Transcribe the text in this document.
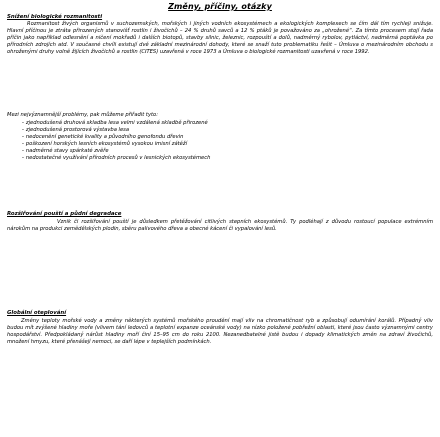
Změny, příčiny, otázky
Snížení biologické rozmanitosti
Rozmanitost živých organismů v suchozemských, mořských i jiných vodních ekosystémech a ekologických komplexech se čím dál tím rychleji snižuje. Hlavní příčinou je ztráta přirozených stanovišť rostlin i živočichů – 24 % druhů savců a 12 % ptáků je považováno za „ohrožené“. Za tímto procesem stojí řada příčin jako například odlesnění a ničení mokřadů i dalších biotopů, stavby silnic, železnic, rozpouští a dolů, nadměrný rybolov, pytláctví, nadměrná poptávka po přírodních zdrojích atd. V současné chvíli existují dvě základní mezinárodní dohody, které se snaží tuto problematiku řešit – Úmluva o mezinárodním obchodu s ohroženými druhy volně žijících živočichů a rostlin (CITES) uzavřená v roce 1973 a Úmluva o biologické rozmanitosti uzavřená v roce 1992.
Mezi nejvýznamnější problémy, pak můžeme přiřadit tyto:
- zjednodušená druhová skladba lesa velmi vzdálená skladbě přirozené
- zjednodušená prostorová výstavba lesa
- nedocenění genetické kvality a původního genofondu dřevin
- poškození horských lesních ekosystémů vysokou imisní zátěží
- nadměrné stavy spárkaté zvěře
- nedostatečné využívání přírodních procesů v lesnických ekosystémech
Rozšiřování pouští a půdní degradace
Vznik či rozšiřování pouští je důsledkem přetěžování citlivých stepních ekosystémů. Ty podléhají z důvodu rostoucí populace extrémním nárokům na produkci zemědělských plodin, sběru palivového dřeva a obecné kácení či vypalování lesů.
Globální oteplování
Změny teploty mořské vody a změny některých systémů mořského proudění mají vliv na chromatičnost ryb a způsobují odumírání korálů. Případný vliv budou mít zvýšené hladiny moře (vlivem tání ledovců a teplotní expanze oceánské vody) na nízko položené pobřežní oblasti, které jsou často významnými centry hospodářství. Předpokládaný nárůst hladiny moří činí 15–95 cm do roku 2100. Nezanedbatelné jistě budou i dopady klimatických změn na zdraví živočichů, množení hmyzu, které přenášejí nemoci, se daří lépe v teplejších podmínkách.
